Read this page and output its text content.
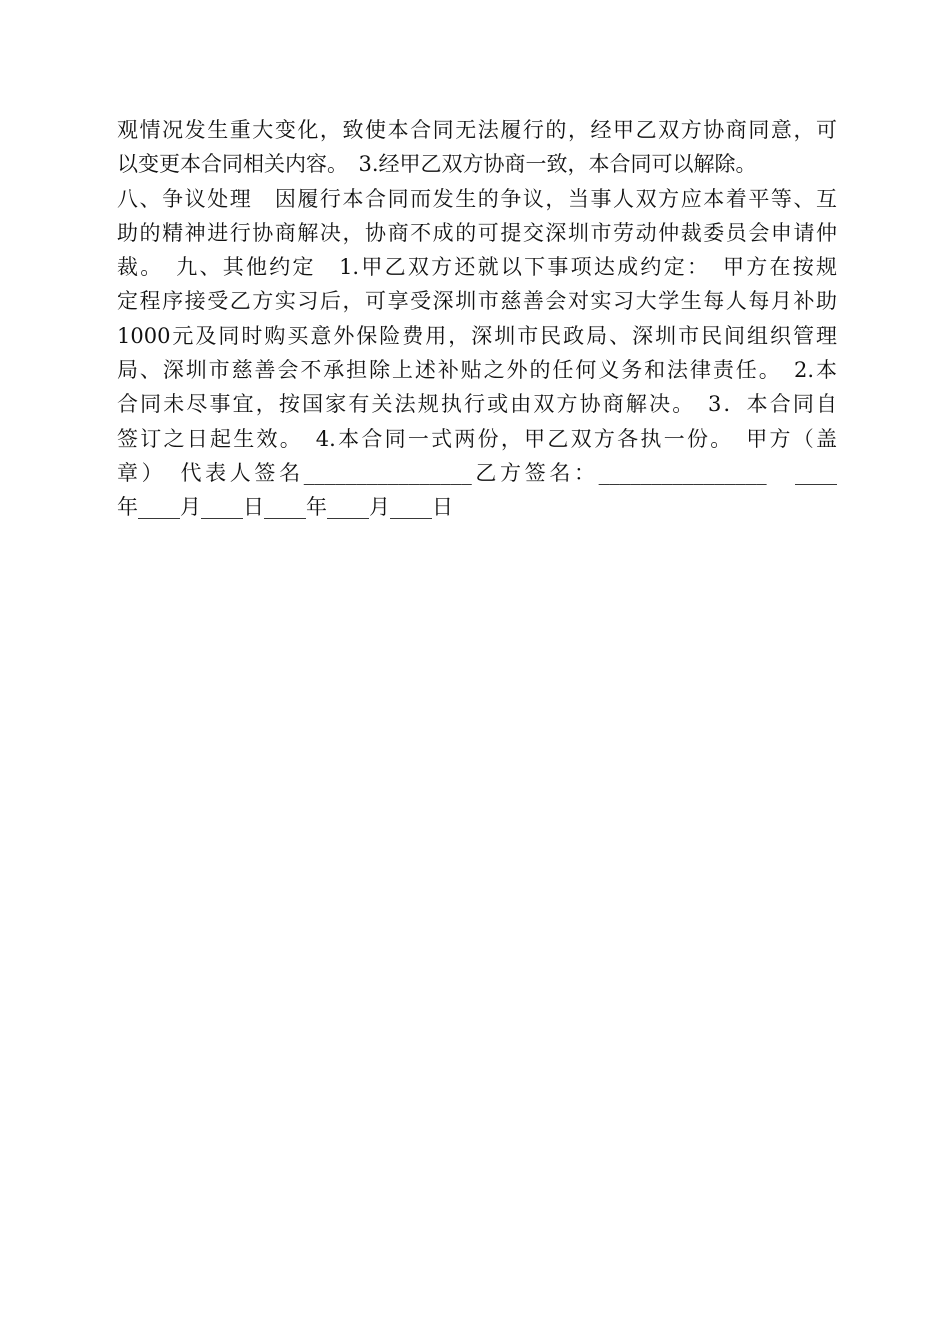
观情况发生重大变化，致使本合同无法履行的，经甲乙双方协商同意，可
以变更本合同相关内容。　3.经甲乙双方协商一致，本合同可以解除。
八、争议处理　因履行本合同而发生的争议，当事人双方应本着平等、互
助的精神进行协商解决，协商不成的可提交深圳市劳动仲裁委员会申请仲
裁。　九、其他约定　1.甲乙双方还就以下事项达成约定：　甲方在按规
定程序接受乙方实习后，可享受深圳市慈善会对实习大学生每人每月补助
1000元及同时购买意外保险费用，深圳市民政局、深圳市民间组织管理
局、深圳市慈善会不承担除上述补贴之外的任何义务和法律责任。　2.本
合同未尽事宜，按国家有关法规执行或由双方协商解决。　3．本合同自
签订之日起生效。　4.本合同一式两份，甲乙双方各执一份。　甲方（盖
章）　代表人签名________________乙方签名：________________　____
年____月____日____年____月____日
